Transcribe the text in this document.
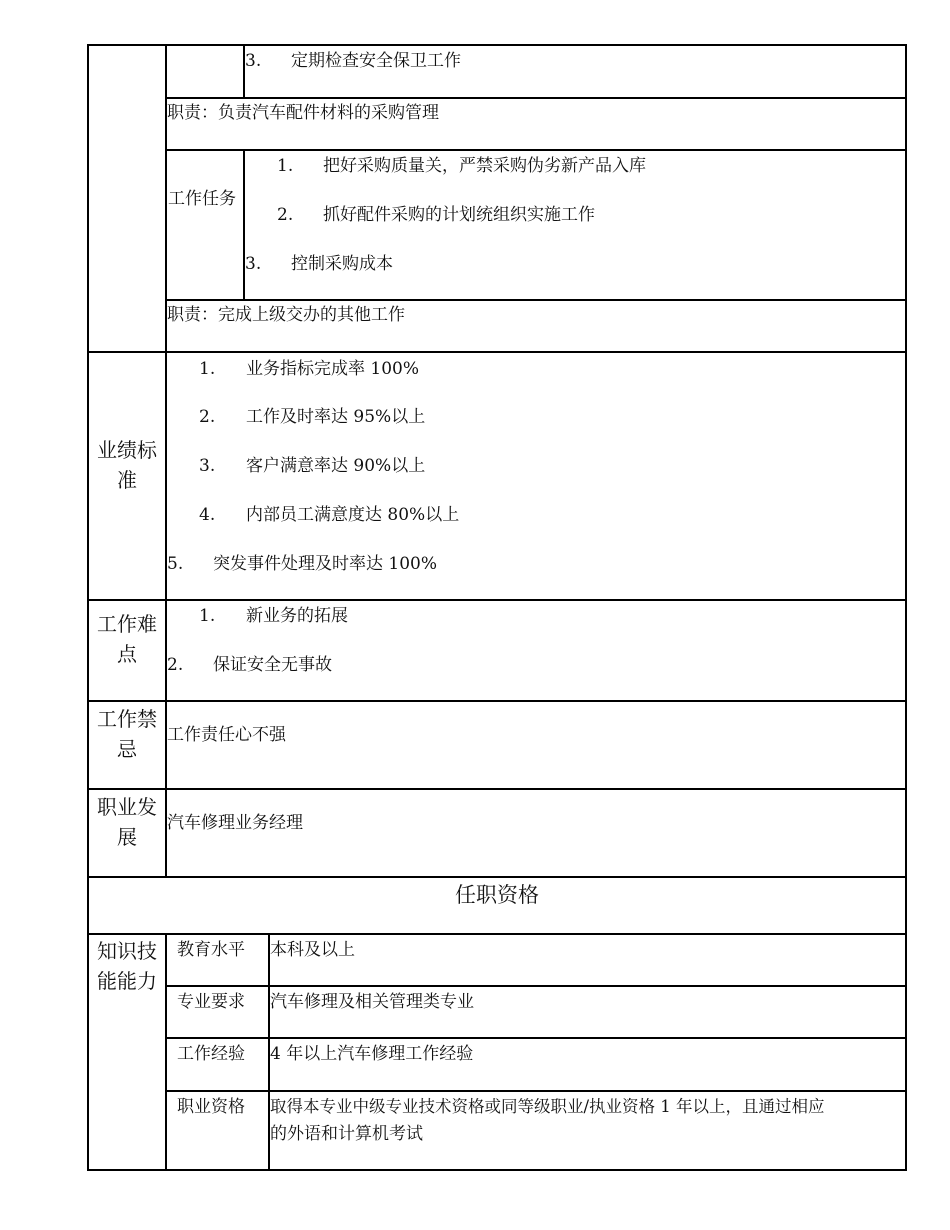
3. 定期检查安全保卫工作
职责：负责汽车配件材料的采购管理
工作任务
1. 把好采购质量关，严禁采购伪劣新产品入库
2. 抓好配件采购的计划统组织实施工作
3. 控制采购成本
职责：完成上级交办的其他工作
业绩标准
1. 业务指标完成率 100%
2. 工作及时率达 95%以上
3. 客户满意率达 90%以上
4. 内部员工满意度达 80%以上
5. 突发事件处理及时率达 100%
工作难点
1. 新业务的拓展
2. 保证安全无事故
工作禁忌
工作责任心不强
职业发展
汽车修理业务经理
任职资格
知识技能能力
教育水平 本科及以上
专业要求 汽车修理及相关管理类专业
工作经验 4 年以上汽车修理工作经验
职业资格 取得本专业中级专业技术资格或同等级职业/执业资格 1 年以上，且通过相应
的外语和计算机考试
